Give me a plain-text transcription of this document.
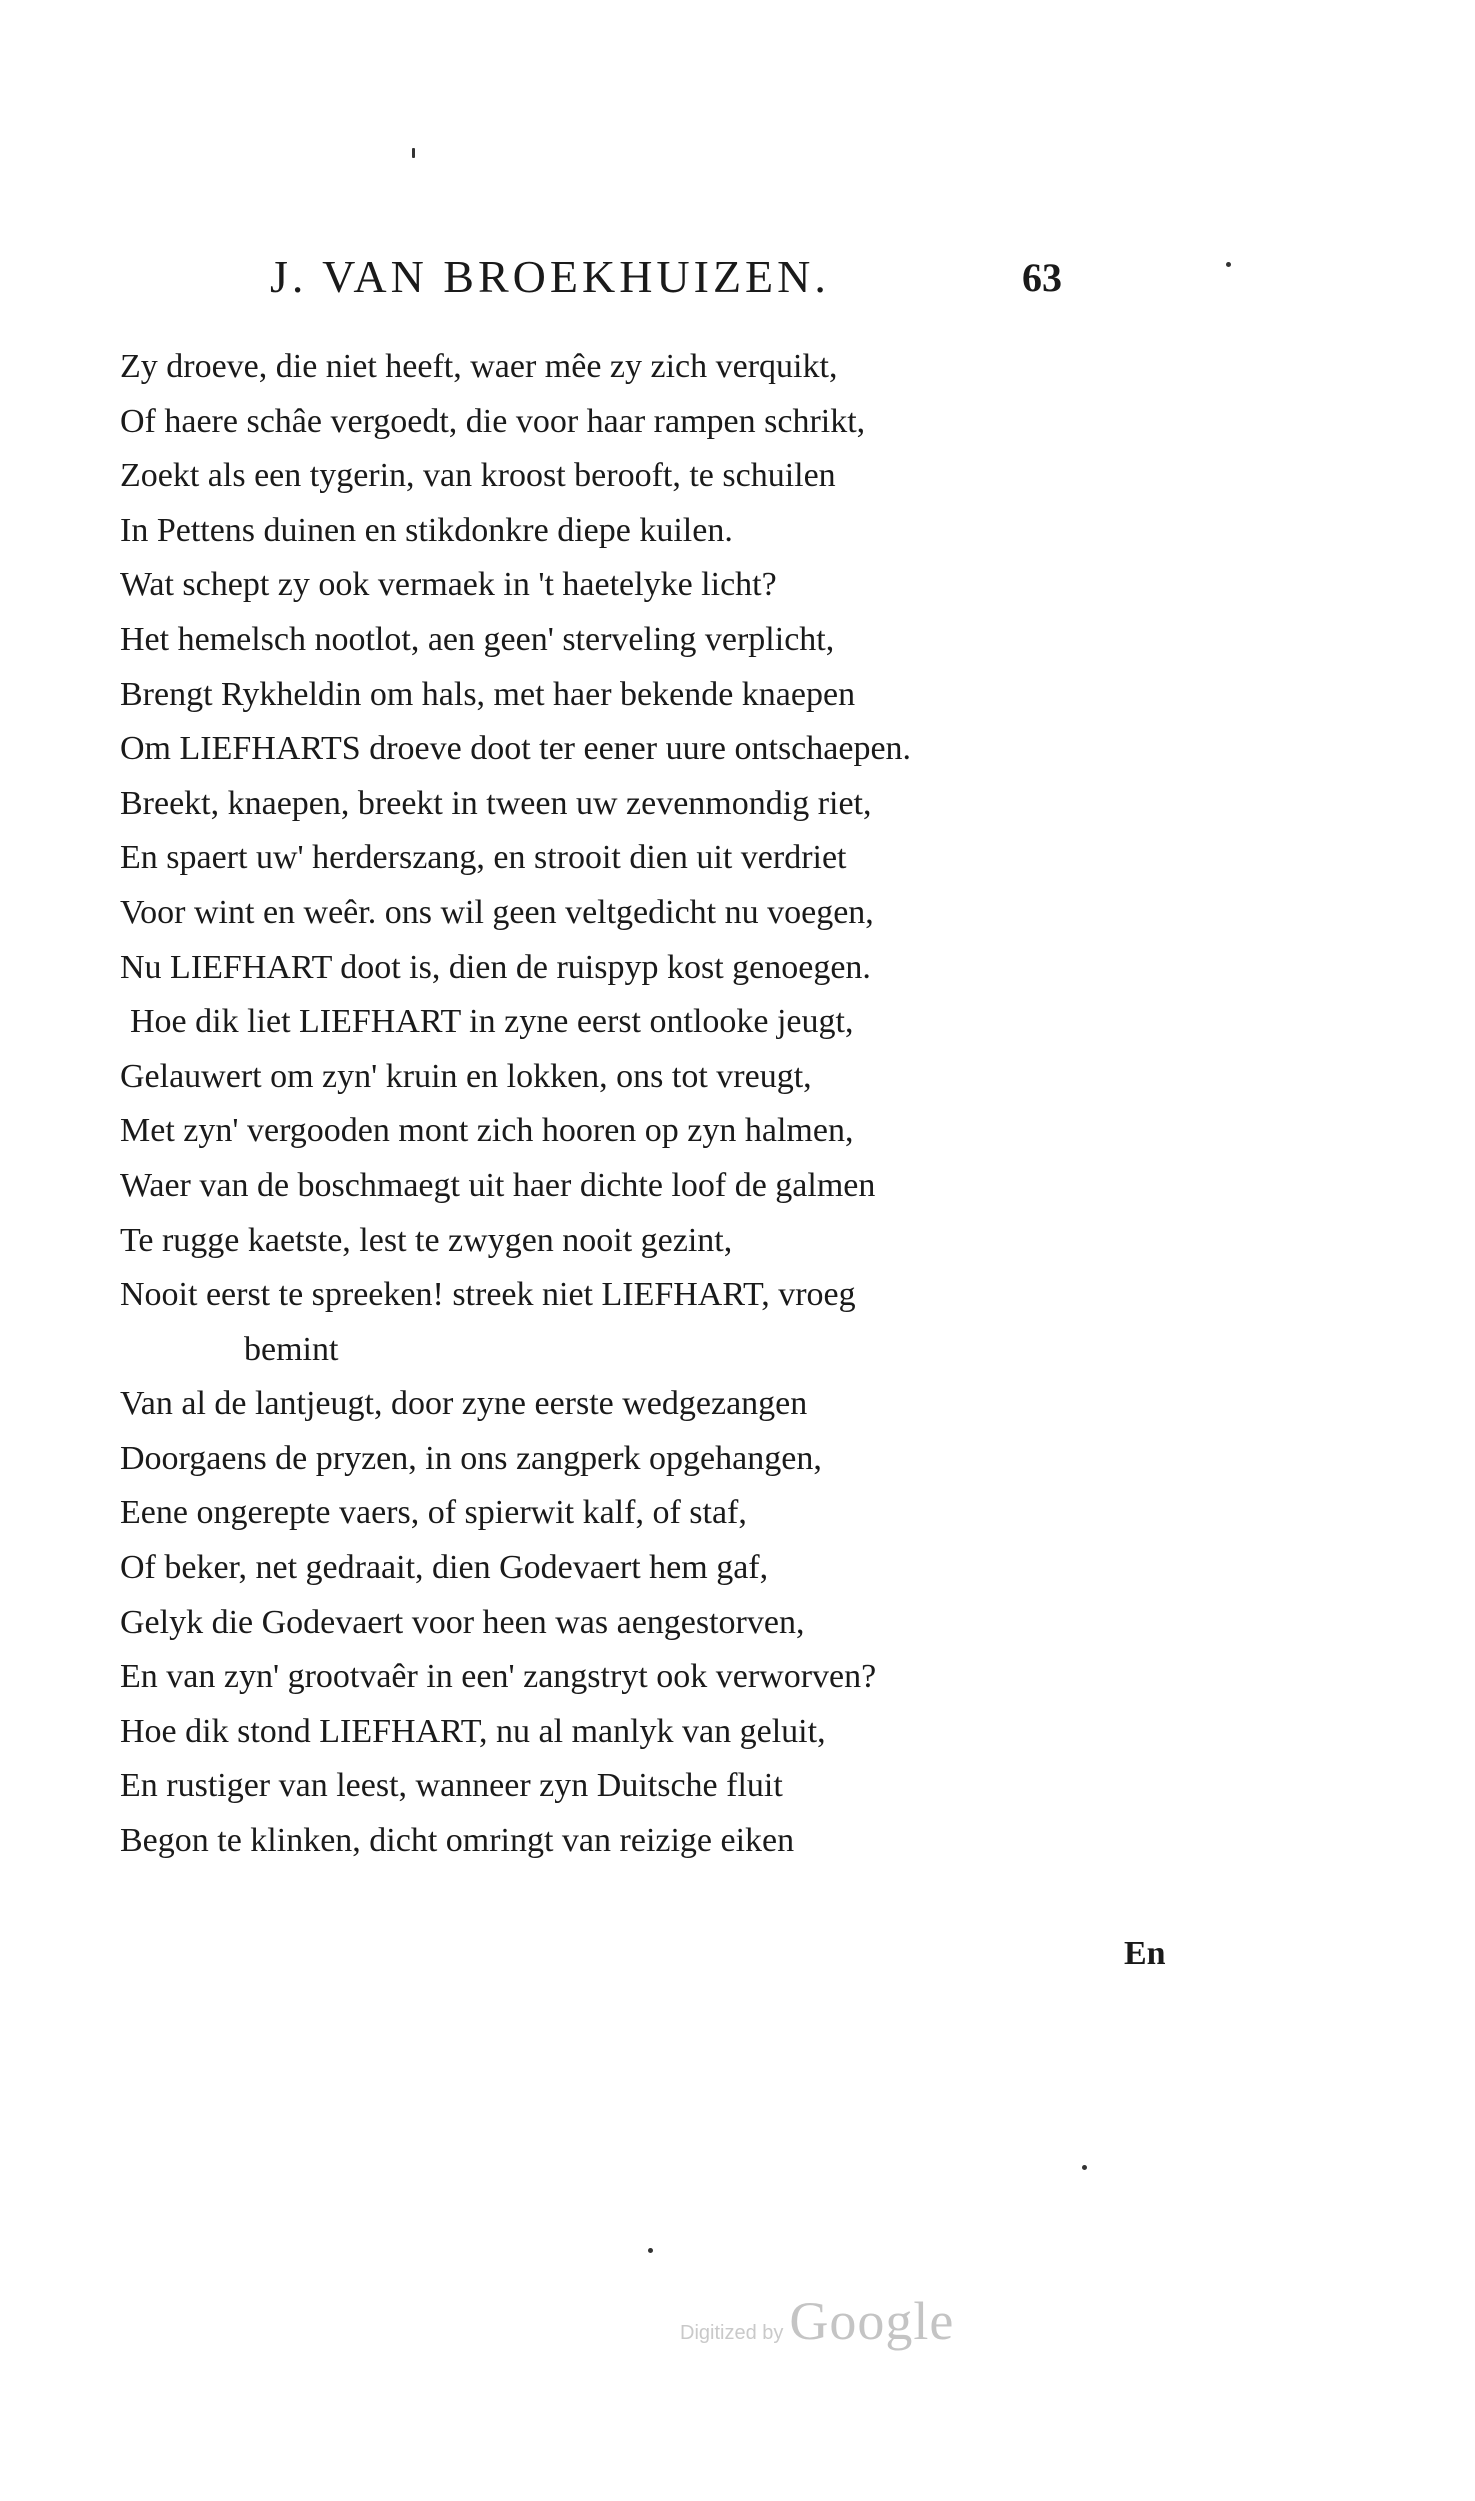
J. VAN BROEKHUIZEN.	63
Zy droeve, die niet heeft, waer mêe zy zich verquikt,
Of haere schâe vergoedt, die voor haar rampen schrikt,
Zoekt als een tygerin, van kroost berooft, te schuilen
In Pettens duinen en stikdonkre diepe kuilen.
Wat schept zy ook vermaek in 't haetelyke licht?
Het hemelsch nootlot, aen geen' sterveling verplicht,
Brengt Rykheldin om hals, met haer bekende knaepen
Om LIEFHARTS droeve doot ter eener uure ontschaepen.
Breekt, knaepen, breekt in tween uw zevenmondig riet,
En spaert uw' herderszang, en strooit dien uit verdriet
Voor wint en weêr. ons wil geen veltgedicht nu voegen,
Nu LIEFHART doot is, dien de ruispyp kost genoegen.
Hoe dik liet LIEFHART in zyne eerst ontlooke jeugt,
Gelauwert om zyn' kruin en lokken, ons tot vreugt,
Met zyn' vergooden mont zich hooren op zyn halmen,
Waer van de boschmaegt uit haer dichte loof de galmen
Te rugge kaetste, lest te zwygen nooit gezint,
Nooit eerst te spreeken! streek niet LIEFHART, vroeg
bemint
Van al de lantjeugt, door zyne eerste wedgezangen
Doorgaens de pryzen, in ons zangperk opgehangen,
Eene ongerepte vaers, of spierwit kalf, of staf,
Of beker, net gedraait, dien Godevaert hem gaf,
Gelyk die Godevaert voor heen was aengestorven,
En van zyn' grootvaêr in een' zangstryt ook verworven?
Hoe dik stond LIEFHART, nu al manlyk van geluit,
En rustiger van leest, wanneer zyn Duitsche fluit
Begon te klinken, dicht omringt van reizige eiken
En
Digitized by Google
